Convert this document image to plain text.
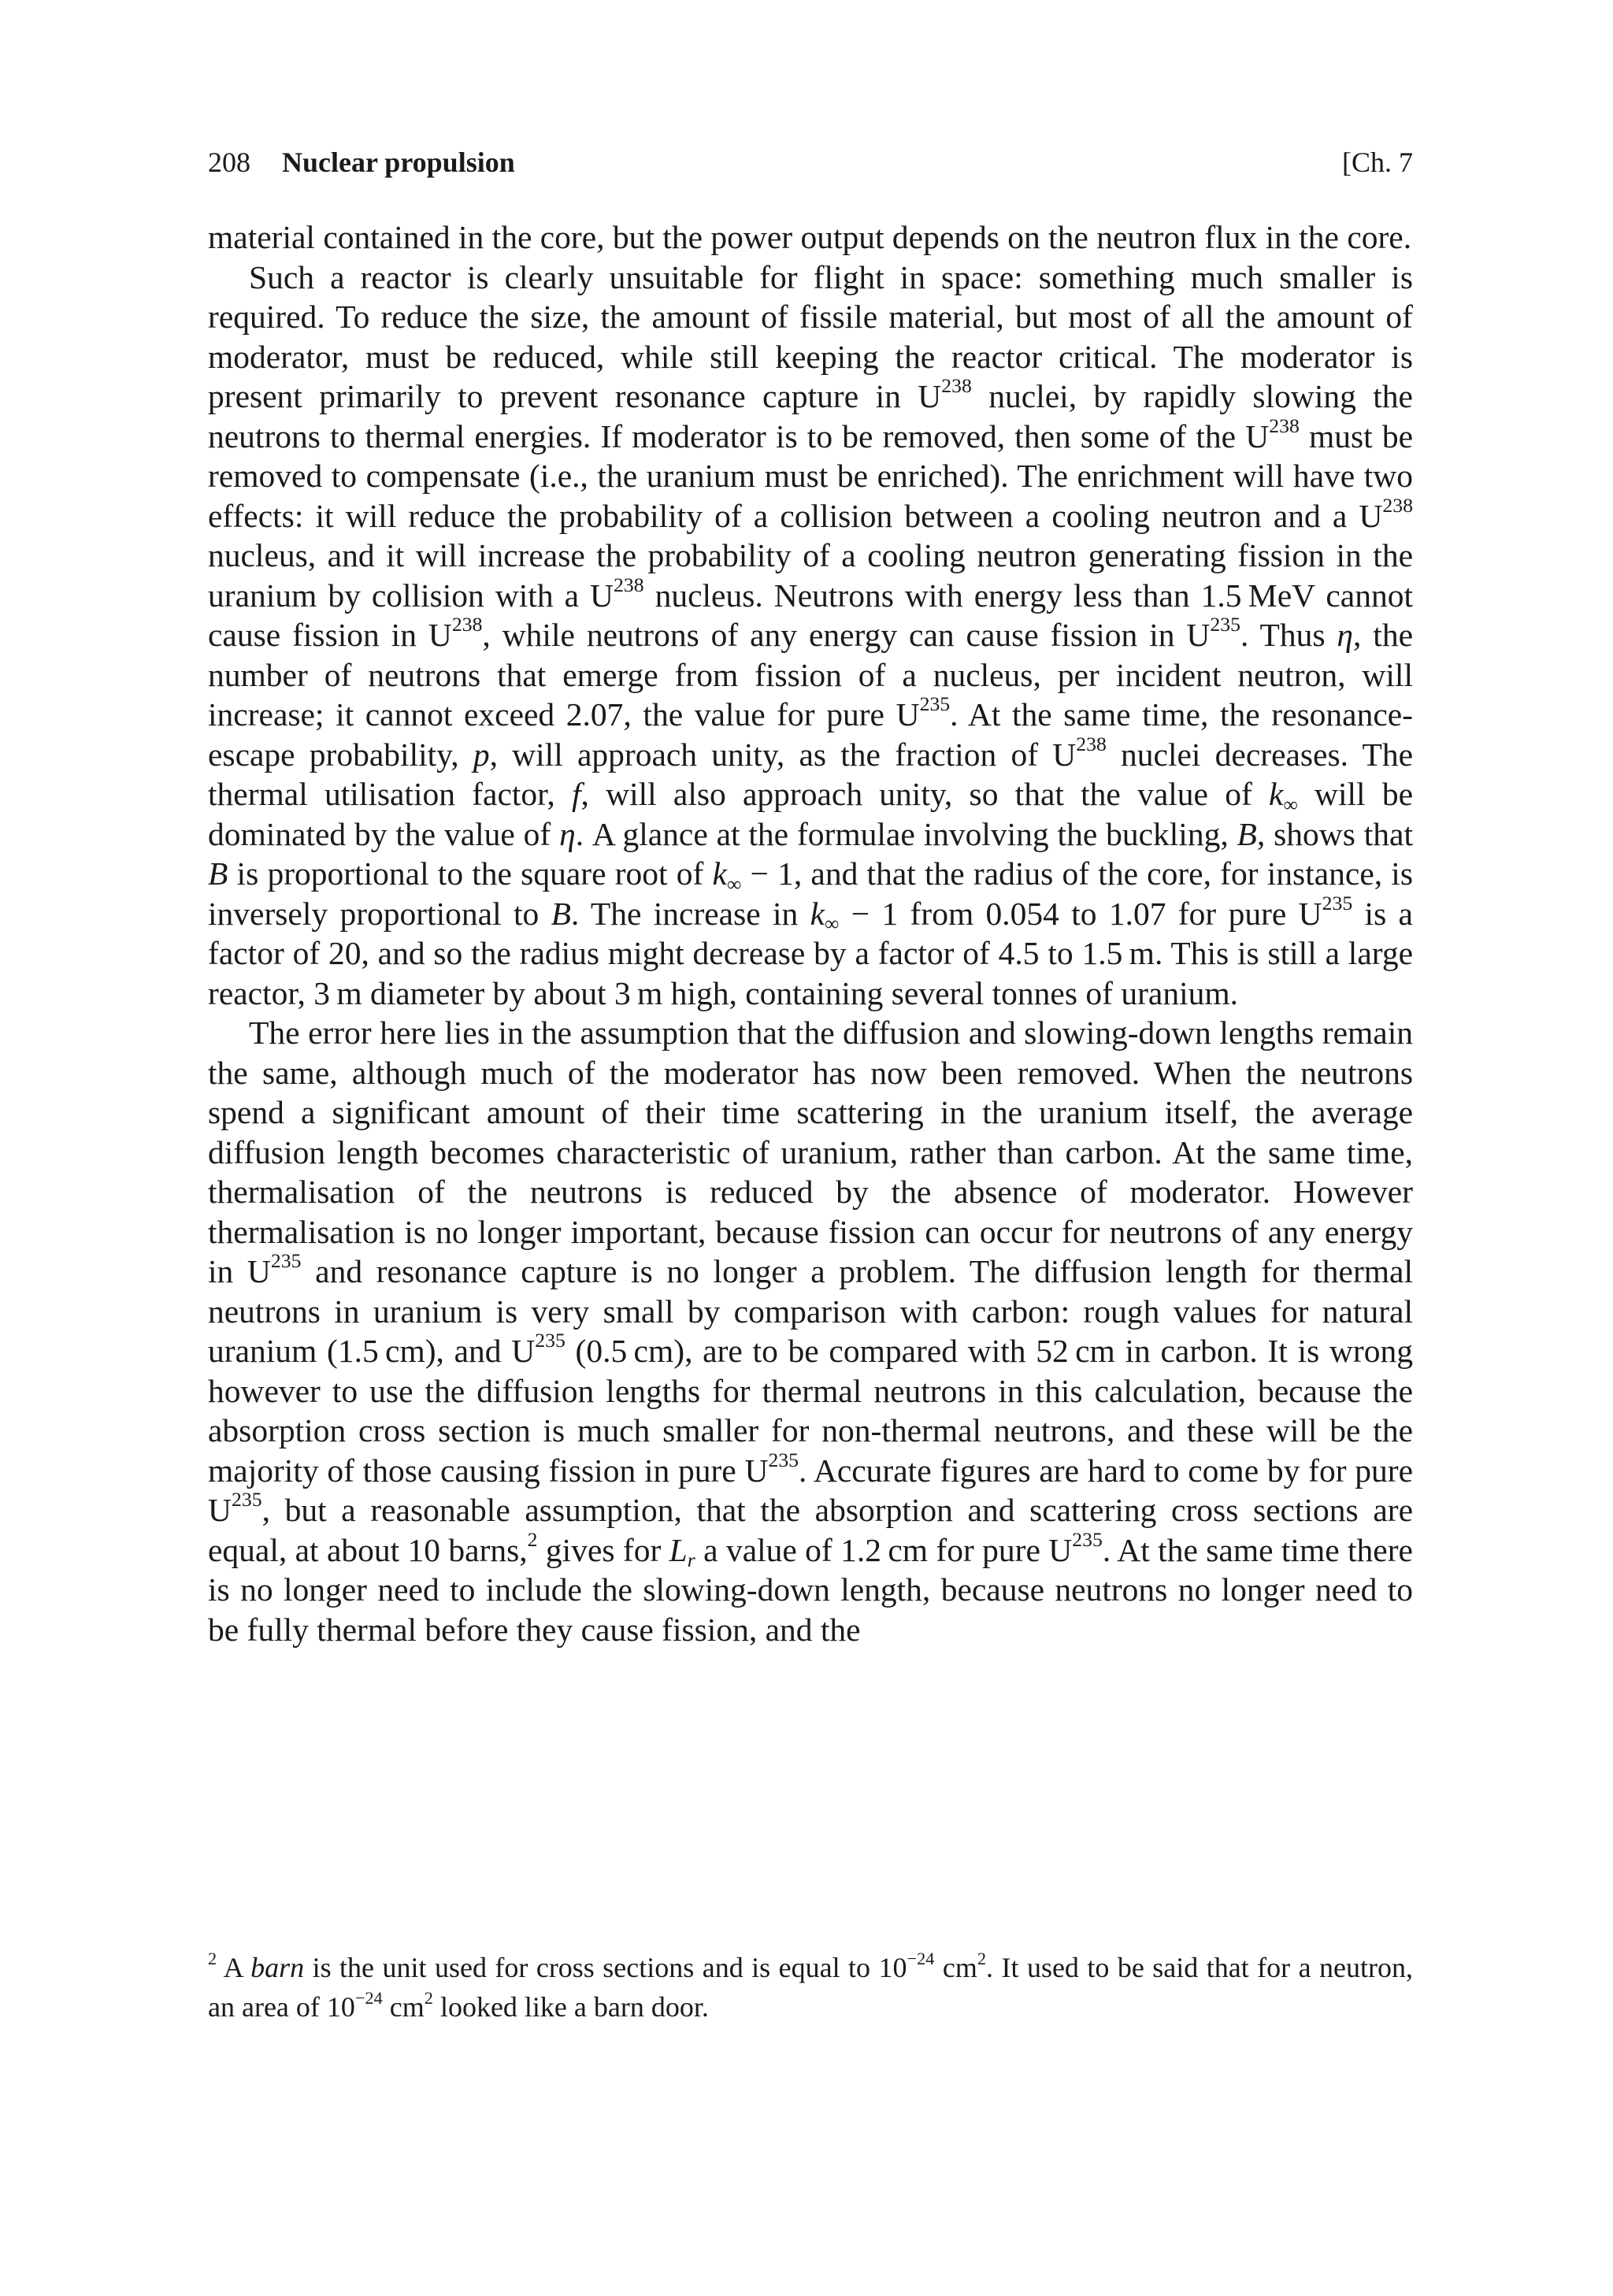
208 Nuclear propulsion	[Ch. 7

material contained in the core, but the power output depends on the neutron flux in the core.

Such a reactor is clearly unsuitable for flight in space: something much smaller is required. To reduce the size, the amount of fissile material, but most of all the amount of moderator, must be reduced, while still keeping the reactor critical. The moderator is present primarily to prevent resonance capture in $U^{238}$ nuclei, by rapidly slowing the neutrons to thermal energies. If moderator is to be removed, then some of the $U^{238}$ must be removed to compensate (i.e., the uranium must be enriched). The enrichment will have two effects: it will reduce the probability of a collision between a cooling neutron and a $U^{238}$ nucleus, and it will increase the probability of a cooling neutron generating fission in the uranium by collision with a $U^{238}$ nucleus. Neutrons with energy less than 1.5 MeV cannot cause fission in $U^{238}$, while neutrons of any energy can cause fission in $U^{235}$. Thus η, the number of neutrons that emerge from fission of a nucleus, per incident neutron, will increase; it cannot exceed 2.07, the value for pure $U^{235}$. At the same time, the resonance-escape probability, p, will approach unity, as the fraction of $U^{238}$ nuclei decreases. The thermal utilisation factor, f, will also approach unity, so that the value of $k_\infty$ will be dominated by the value of η. A glance at the formulae involving the buckling, B, shows that B is proportional to the square root of $k_\infty - 1$, and that the radius of the core, for instance, is inversely proportional to B. The increase in $k_\infty - 1$ from 0.054 to 1.07 for pure $U^{235}$ is a factor of 20, and so the radius might decrease by a factor of 4.5 to 1.5 m. This is still a large reactor, 3 m diameter by about 3 m high, containing several tonnes of uranium.

The error here lies in the assumption that the diffusion and slowing-down lengths remain the same, although much of the moderator has now been removed. When the neutrons spend a significant amount of their time scattering in the uranium itself, the average diffusion length becomes characteristic of uranium, rather than carbon. At the same time, thermalisation of the neutrons is reduced by the absence of moderator. However thermalisation is no longer important, because fission can occur for neutrons of any energy in $U^{235}$ and resonance capture is no longer a problem. The diffusion length for thermal neutrons in uranium is very small by comparison with carbon: rough values for natural uranium (1.5 cm), and $U^{235}$ (0.5 cm), are to be compared with 52 cm in carbon. It is wrong however to use the diffusion lengths for thermal neutrons in this calculation, because the absorption cross section is much smaller for non-thermal neutrons, and these will be the majority of those causing fission in pure $U^{235}$. Accurate figures are hard to come by for pure $U^{235}$, but a reasonable assumption, that the absorption and scattering cross sections are equal, at about 10 barns,$^2$ gives for $L_r$ a value of 1.2 cm for pure $U^{235}$. At the same time there is no longer need to include the slowing-down length, because neutrons no longer need to be fully thermal before they cause fission, and the

$^2$ A barn is the unit used for cross sections and is equal to $10^{-24}$ $cm^2$. It used to be said that for a neutron, an area of $10^{-24}$ $cm^2$ looked like a barn door.
